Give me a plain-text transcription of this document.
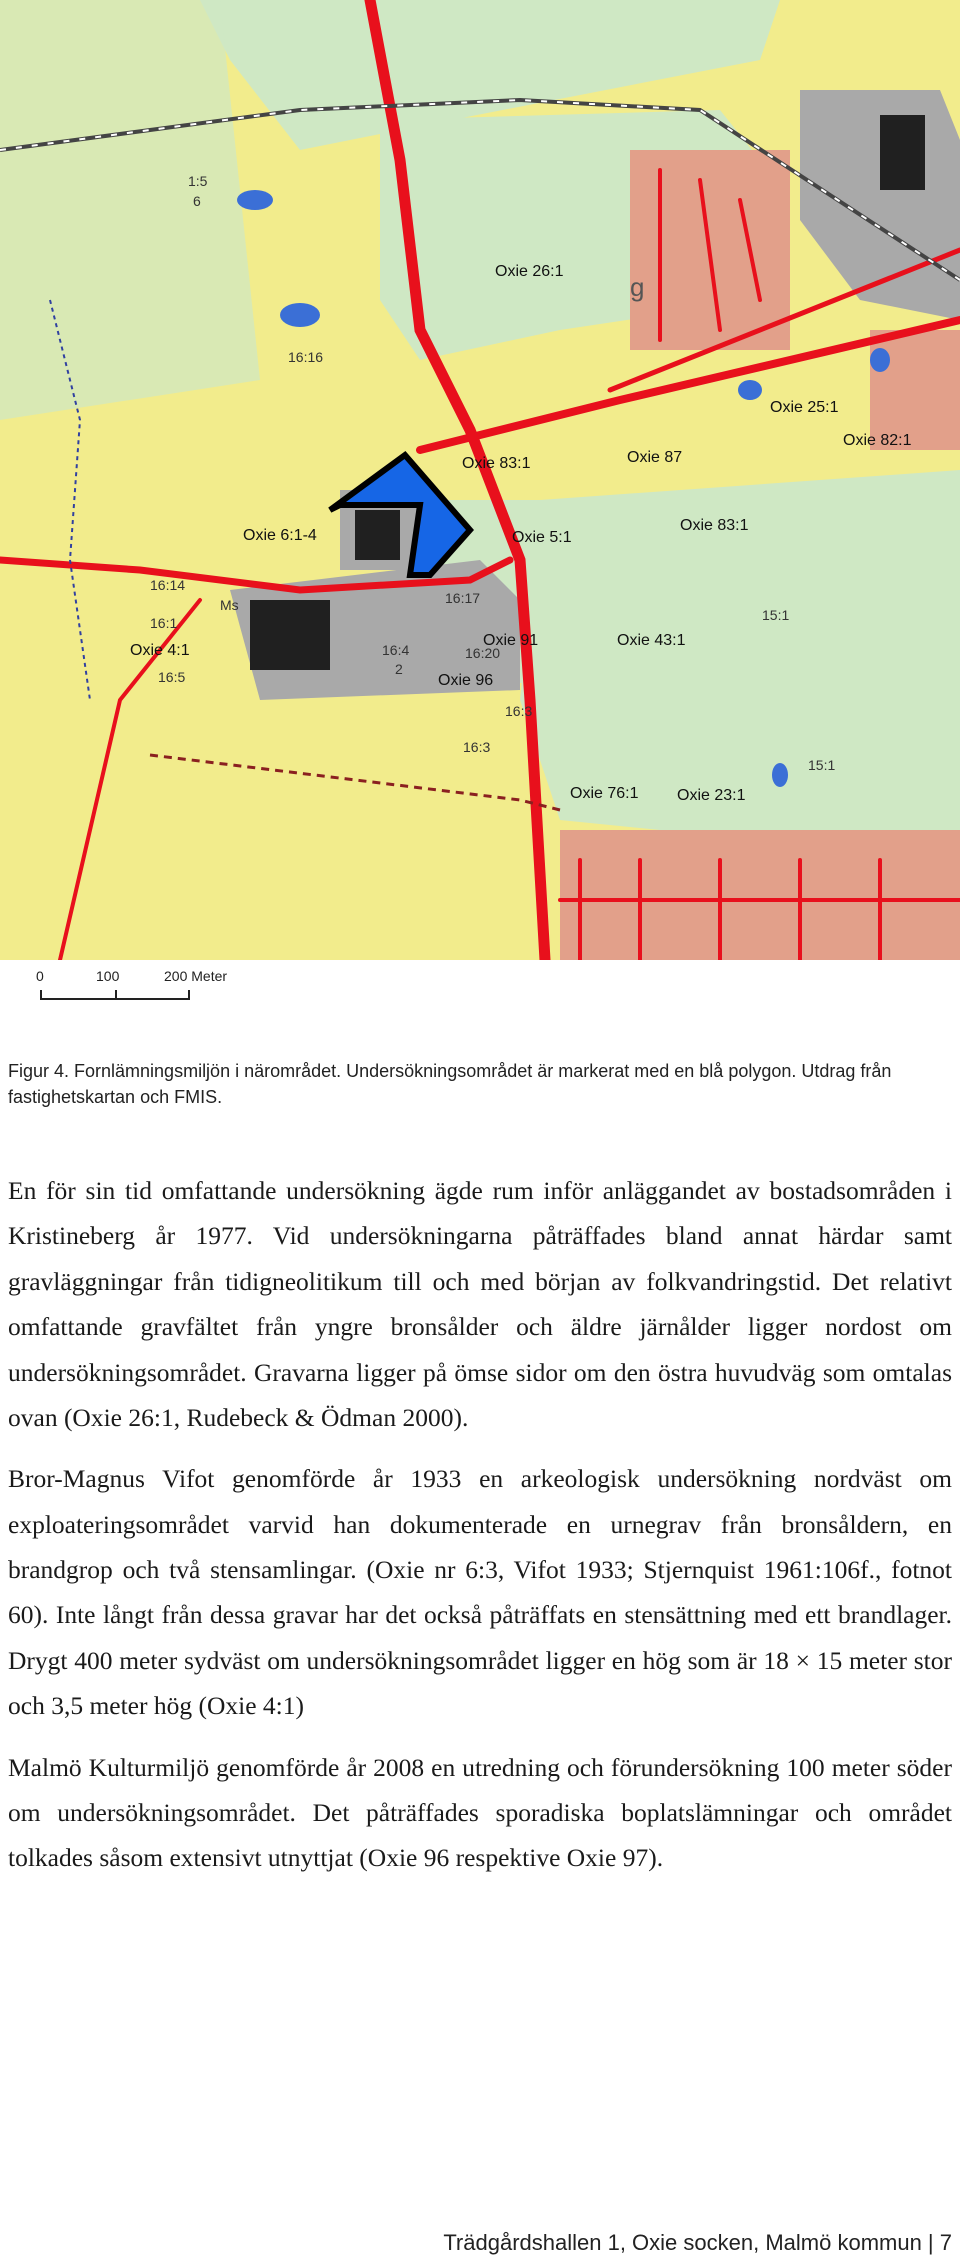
Oxie 26:1
Oxie 25:1
Oxie 82:1
Oxie 83:1	Oxie 87
Oxie 83:1
Oxie 6:1-4	Oxie 5:1
Oxie 43:1
Oxie 4:1
Oxie 91
Oxie 96
Oxie 76:1 Oxie 23:1
1:5
6
16:16
16:14
16:1
16:5
Ms	16:17
16:4
2
16:20
16:3
16:3
15:1
15:1
g
0	100	200 Meter
Figur 4. Fornlämningsmiljön i närområdet. Undersökningsområdet är markerat med en blå polygon. Utdrag från fastighetskartan och FMIS.

En för sin tid omfattande undersökning ägde rum inför anläggandet av bostadsområden i Kristineberg år 1977. Vid undersökningarna påträffades bland annat härdar samt gravläggningar från tidigneolitikum till och med början av folkvandringstid. Det relativt omfattande gravfältet från yngre bronsålder och äldre järnålder ligger nordost om undersökningsområdet. Gravarna ligger på ömse sidor om den östra huvudväg som omtalas ovan (Oxie 26:1, Rudebeck & Ödman 2000).

Bror-Magnus Vifot genomförde år 1933 en arkeologisk undersökning nordväst om exploateringsområdet varvid han dokumenterade en urnegrav från bronsåldern, en brandgrop och två stensamlingar. (Oxie nr 6:3, Vifot 1933; Stjernquist 1961:106f., fotnot 60). Inte långt från dessa gravar har det också påträffats en stensättning med ett brandlager. Drygt 400 meter sydväst om undersökningsområdet ligger en hög som är 18 × 15 meter stor och 3,5 meter hög (Oxie 4:1)

Malmö Kulturmiljö genomförde år 2008 en utredning och förundersökning 100 meter söder om undersökningsområdet. Det påträffades sporadiska boplatslämningar och området tolkades såsom extensivt utnyttjat (Oxie 96 respektive Oxie 97).

Trädgårdshallen 1, Oxie socken, Malmö kommun | 7
